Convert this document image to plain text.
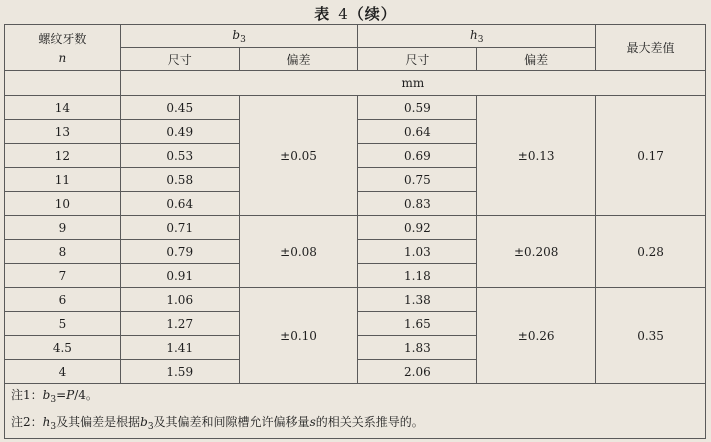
表 4（续）
螺纹牙数
n	$b_3$		$h_3$		最大差值
	尺寸	偏差	尺寸	偏差	
	mm				
14	0.45	±0.05	0.59	±0.13	0.17
13	0.49		0.64		
12	0.53		0.69		
11	0.58		0.75		
10	0.64		0.83		
9	0.71	±0.08	0.92	±0.208	0.28
8	0.79		1.03		
7	0.91		1.18		
6	1.06	±0.10	1.38	±0.26	0.35
5	1.27		1.65		
4.5	1.41		1.83		
4	1.59		2.06		

注1：$b_3=P/4$。
注2：$h_3$及其偏差是根据$b_3$及其偏差和间隙槽允许偏移量s的相关关系推导的。					
